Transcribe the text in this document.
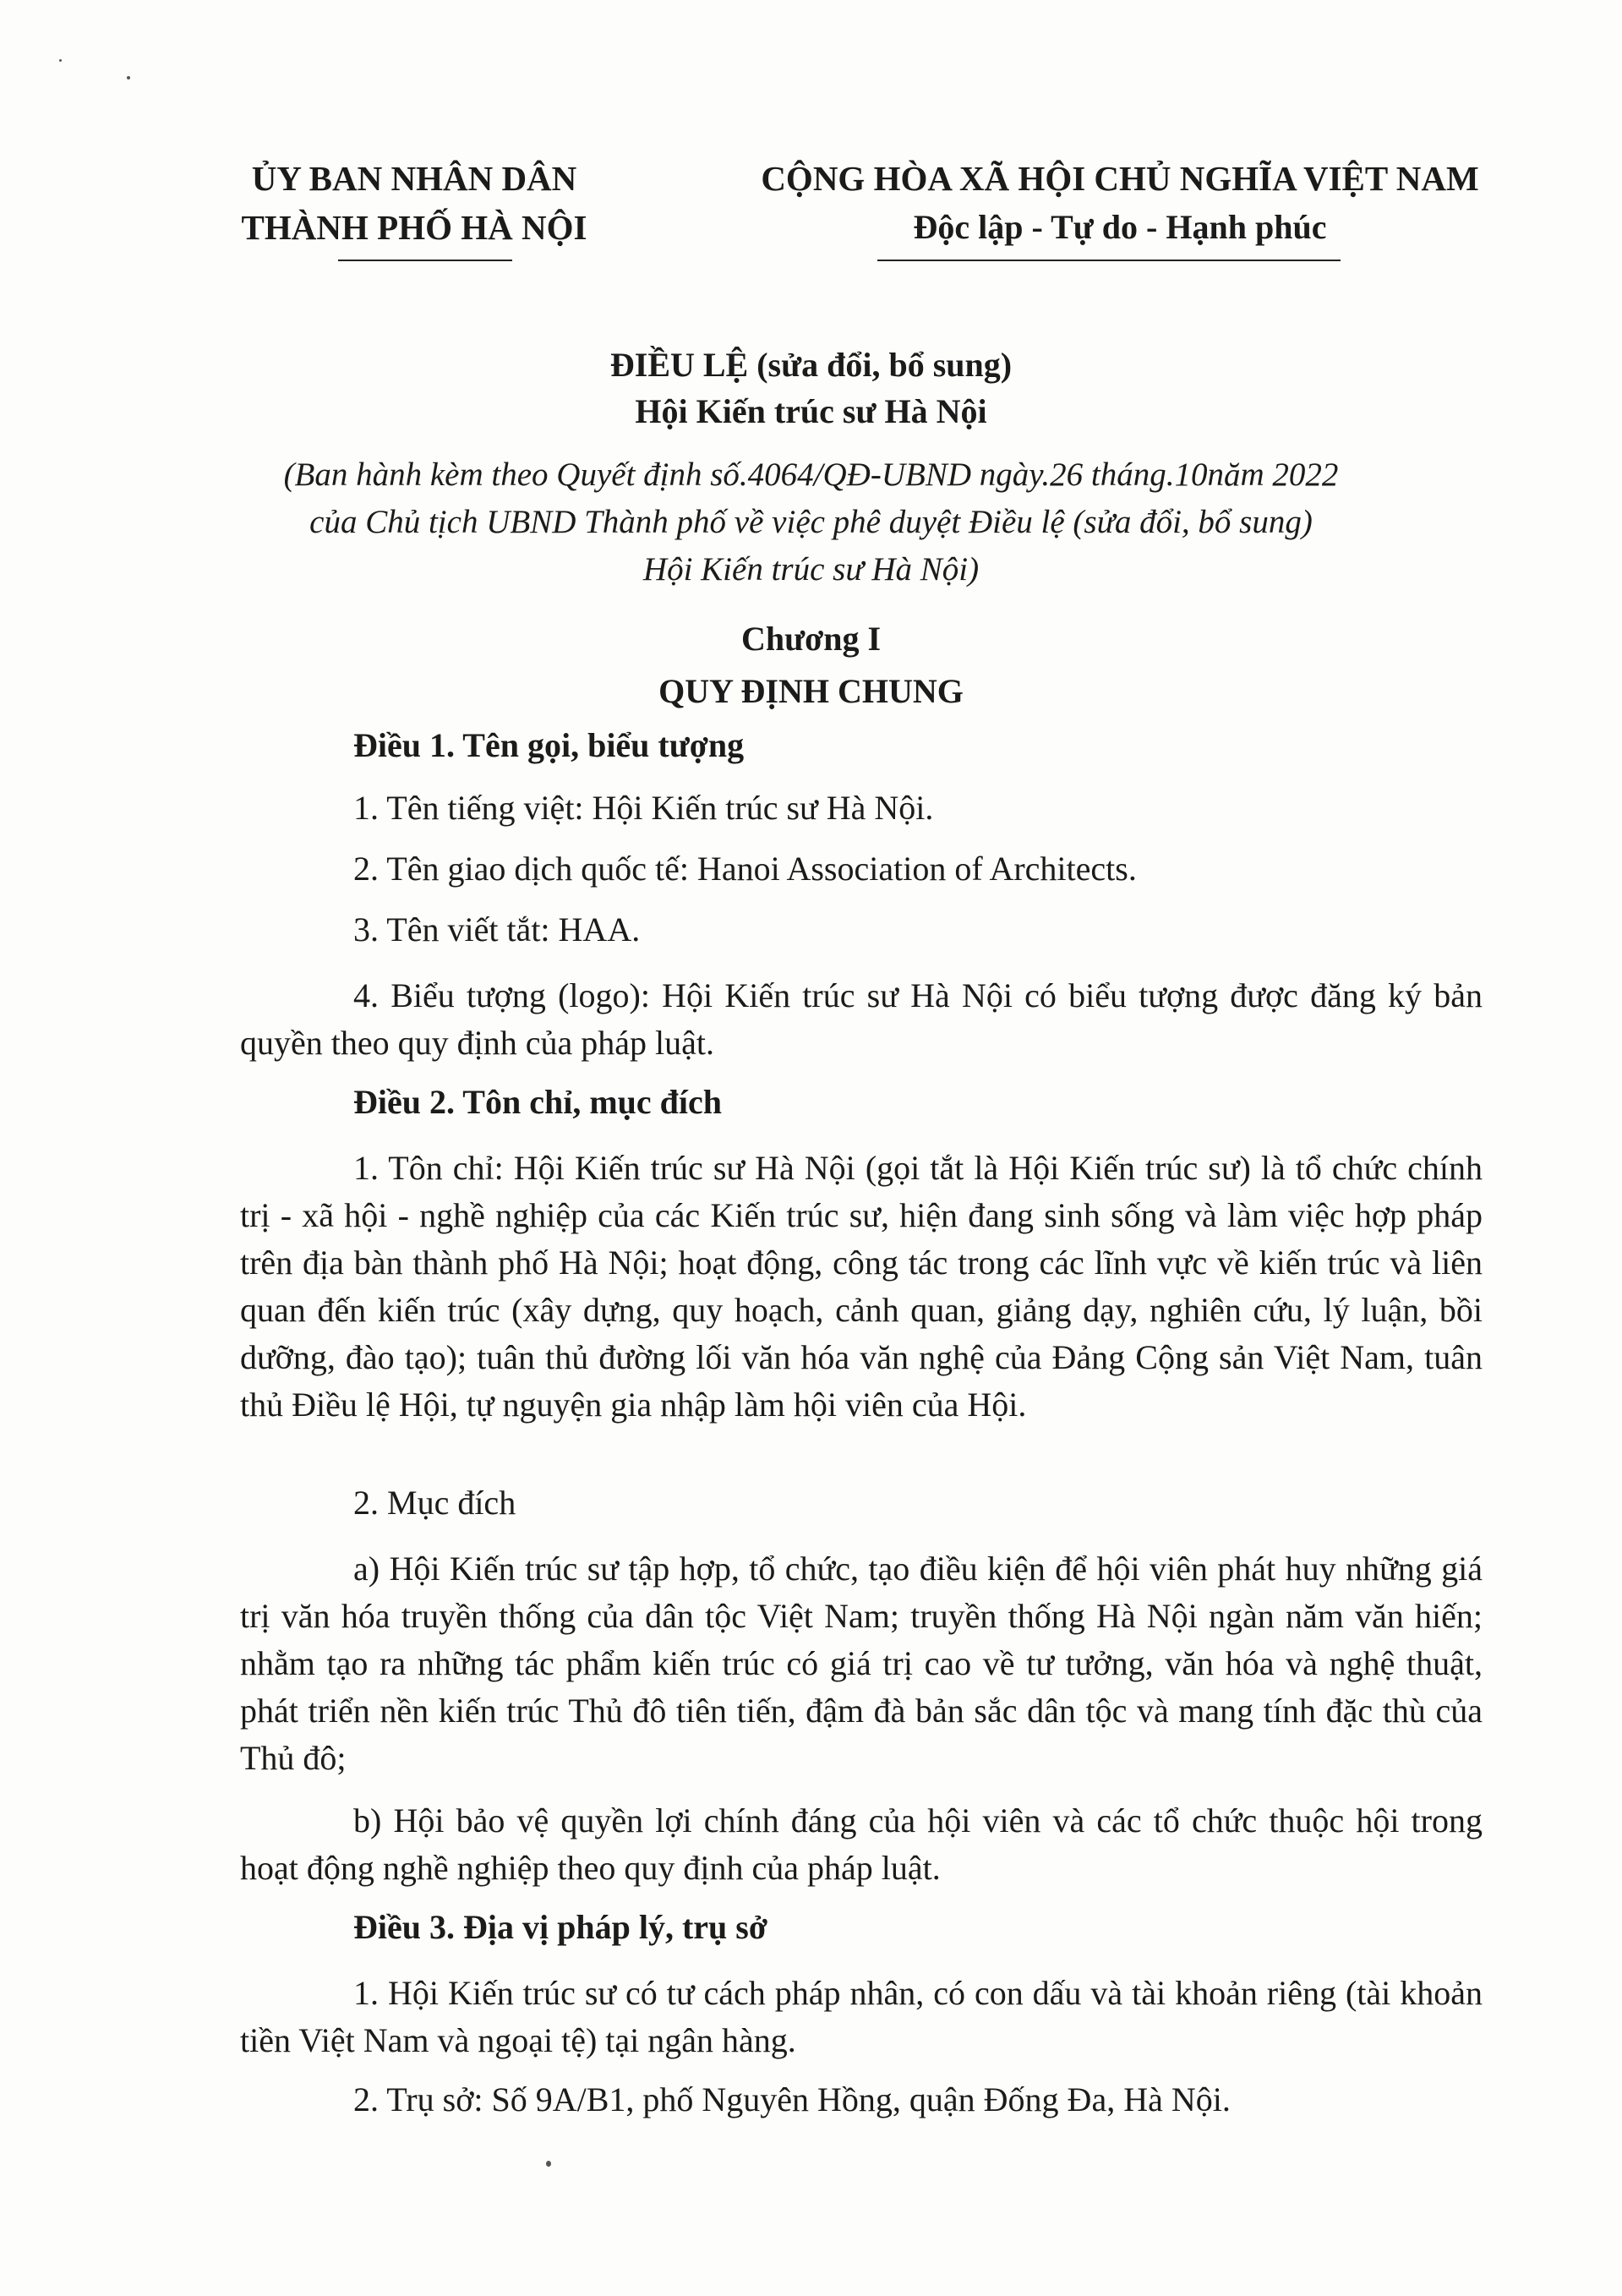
ỦY BAN NHÂN DÂN
THÀNH PHỐ HÀ NỘI
CỘNG HÒA XÃ HỘI CHỦ NGHĨA VIỆT NAM
Độc lập - Tự do - Hạnh phúc
ĐIỀU LỆ (sửa đổi, bổ sung)
Hội Kiến trúc sư Hà Nội
(Ban hành kèm theo Quyết định số.4064/QĐ-UBND ngày.26 tháng.10năm 2022
của Chủ tịch UBND Thành phố về việc phê duyệt Điều lệ (sửa đổi, bổ sung)
Hội Kiến trúc sư Hà Nội)
Chương I
QUY ĐỊNH CHUNG
Điều 1. Tên gọi, biểu tượng
1. Tên tiếng việt: Hội Kiến trúc sư Hà Nội.
2. Tên giao dịch quốc tế: Hanoi Association of Architects.
3. Tên viết tắt: HAA.
4. Biểu tượng (logo): Hội Kiến trúc sư Hà Nội có biểu tượng được đăng ký bản quyền theo quy định của pháp luật.
Điều 2. Tôn chỉ, mục đích
1. Tôn chỉ: Hội Kiến trúc sư Hà Nội (gọi tắt là Hội Kiến trúc sư) là tổ chức chính trị - xã hội - nghề nghiệp của các Kiến trúc sư, hiện đang sinh sống và làm việc hợp pháp trên địa bàn thành phố Hà Nội; hoạt động, công tác trong các lĩnh vực về kiến trúc và liên quan đến kiến trúc (xây dựng, quy hoạch, cảnh quan, giảng dạy, nghiên cứu, lý luận, bồi dưỡng, đào tạo); tuân thủ đường lối văn hóa văn nghệ của Đảng Cộng sản Việt Nam, tuân thủ Điều lệ Hội, tự nguyện gia nhập làm hội viên của Hội.
2. Mục đích
a) Hội Kiến trúc sư tập hợp, tổ chức, tạo điều kiện để hội viên phát huy những giá trị văn hóa truyền thống của dân tộc Việt Nam; truyền thống Hà Nội ngàn năm văn hiến; nhằm tạo ra những tác phẩm kiến trúc có giá trị cao về tư tưởng, văn hóa và nghệ thuật, phát triển nền kiến trúc Thủ đô tiên tiến, đậm đà bản sắc dân tộc và mang tính đặc thù của Thủ đô;
b) Hội bảo vệ quyền lợi chính đáng của hội viên và các tổ chức thuộc hội trong hoạt động nghề nghiệp theo quy định của pháp luật.
Điều 3. Địa vị pháp lý, trụ sở
1. Hội Kiến trúc sư có tư cách pháp nhân, có con dấu và tài khoản riêng (tài khoản tiền Việt Nam và ngoại tệ) tại ngân hàng.
2. Trụ sở: Số 9A/B1, phố Nguyên Hồng, quận Đống Đa, Hà Nội.
